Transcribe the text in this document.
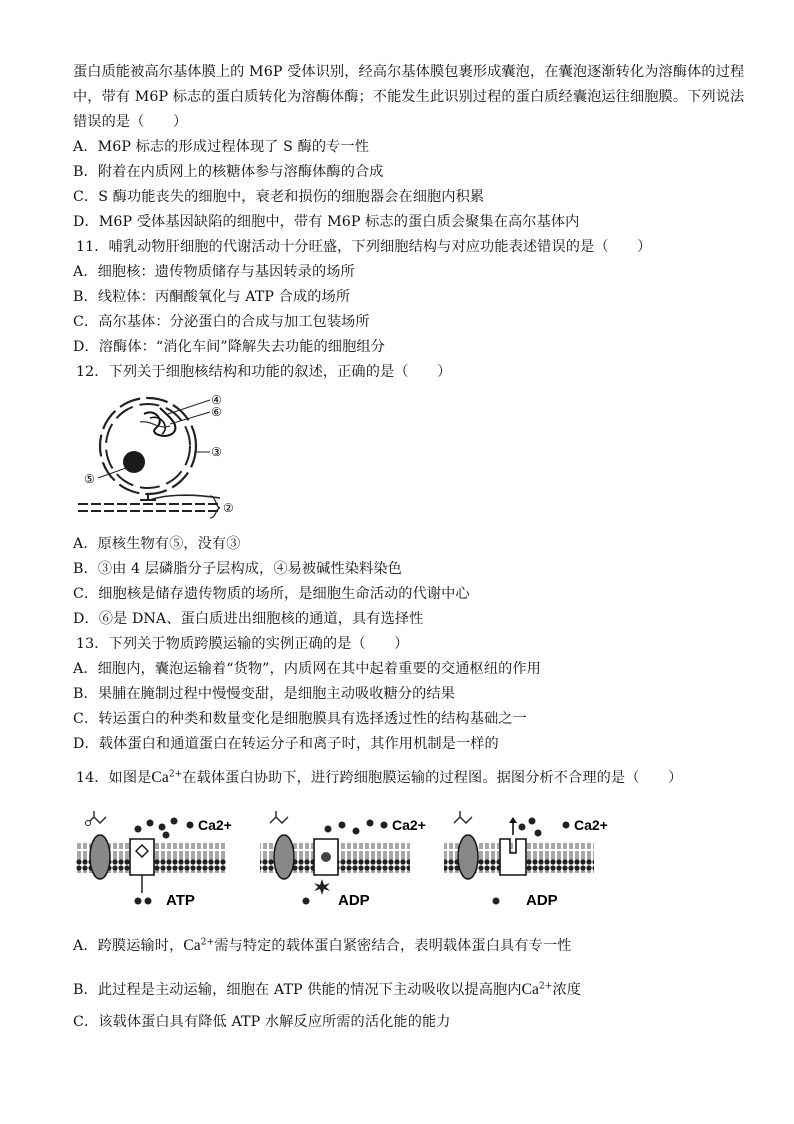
蛋白质能被高尔基体膜上的 M6P 受体识别，经高尔基体膜包裹形成囊泡，在囊泡逐渐转化为溶酶体的过程
中，带有 M6P 标志的蛋白质转化为溶酶体酶；不能发生此识别过程的蛋白质经囊泡运往细胞膜。下列说法
错误的是（　　）
A．M6P 标志的形成过程体现了 S 酶的专一性
B．附着在内质网上的核糖体参与溶酶体酶的合成
C．S 酶功能丧失的细胞中，衰老和损伤的细胞器会在细胞内积累
D．M6P 受体基因缺陷的细胞中，带有 M6P 标志的蛋白质会聚集在高尔基体内
11．哺乳动物肝细胞的代谢活动十分旺盛，下列细胞结构与对应功能表述错误的是（　　）
A．细胞核：遗传物质储存与基因转录的场所
B．线粒体：丙酮酸氧化与 ATP 合成的场所
C．高尔基体：分泌蛋白的合成与加工包装场所
D．溶酶体：“消化车间”降解失去功能的细胞组分
12．下列关于细胞核结构和功能的叙述，正确的是（　　）
④
⑥
③
⑤
②
A．原核生物有⑤，没有③
B．③由 4 层磷脂分子层构成，④易被碱性染料染色
C．细胞核是储存遗传物质的场所，是细胞生命活动的代谢中心
D．⑥是 DNA、蛋白质进出细胞核的通道，具有选择性
13．下列关于物质跨膜运输的实例正确的是（　　）
A．细胞内，囊泡运输着“货物”，内质网在其中起着重要的交通枢纽的作用
B．果脯在腌制过程中慢慢变甜，是细胞主动吸收糖分的结果
C．转运蛋白的种类和数量变化是细胞膜具有选择透过性的结构基础之一
D．载体蛋白和通道蛋白在转运分子和离子时，其作用机制是一样的
14．如图是$Ca^{2+}$在载体蛋白协助下，进行跨细胞膜运输的过程图。据图分析不合理的是（　　）
Ca2+
ATP
Ca2+
ADP
Ca2+
ADP
A．跨膜运输时，$Ca^{2+}$需与特定的载体蛋白紧密结合，表明载体蛋白具有专一性
B．此过程是主动运输，细胞在 ATP 供能的情况下主动吸收以提高胞内$Ca^{2+}$浓度
C．该载体蛋白具有降低 ATP 水解反应所需的活化能的能力
